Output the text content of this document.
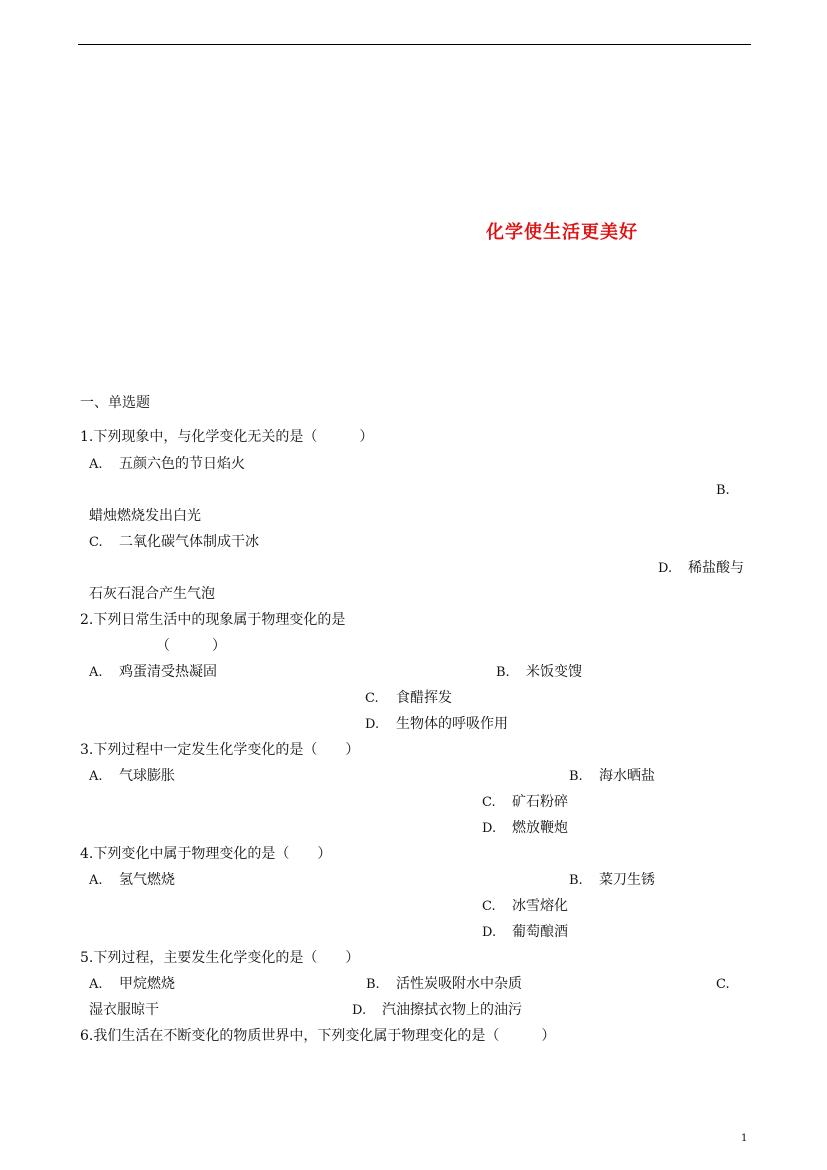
化学使生活更美好
一、单选题
1.下列现象中，与化学变化无关的是（　　　）
A. 五颜六色的节日焰火
B.
蜡烛燃烧发出白光
C. 二氧化碳气体制成干冰
D. 稀盐酸与
石灰石混合产生气泡
2.下列日常生活中的现象属于物理变化的是
（　　　）
A. 鸡蛋清受热凝固	B. 米饭变馊
C. 食醋挥发
D. 生物体的呼吸作用
3.下列过程中一定发生化学变化的是（　　）
A. 气球膨胀	B. 海水晒盐
C. 矿石粉碎
D. 燃放鞭炮
4.下列变化中属于物理变化的是（　　）
A. 氢气燃烧	B. 菜刀生锈
C. 冰雪熔化
D. 葡萄酿酒
5.下列过程，主要发生化学变化的是（　　）
A. 甲烷燃烧	B. 活性炭吸附水中杂质	C.
湿衣服晾干	D. 汽油擦拭衣物上的油污
6.我们生活在不断变化的物质世界中，下列变化属于物理变化的是（　　　）
1
